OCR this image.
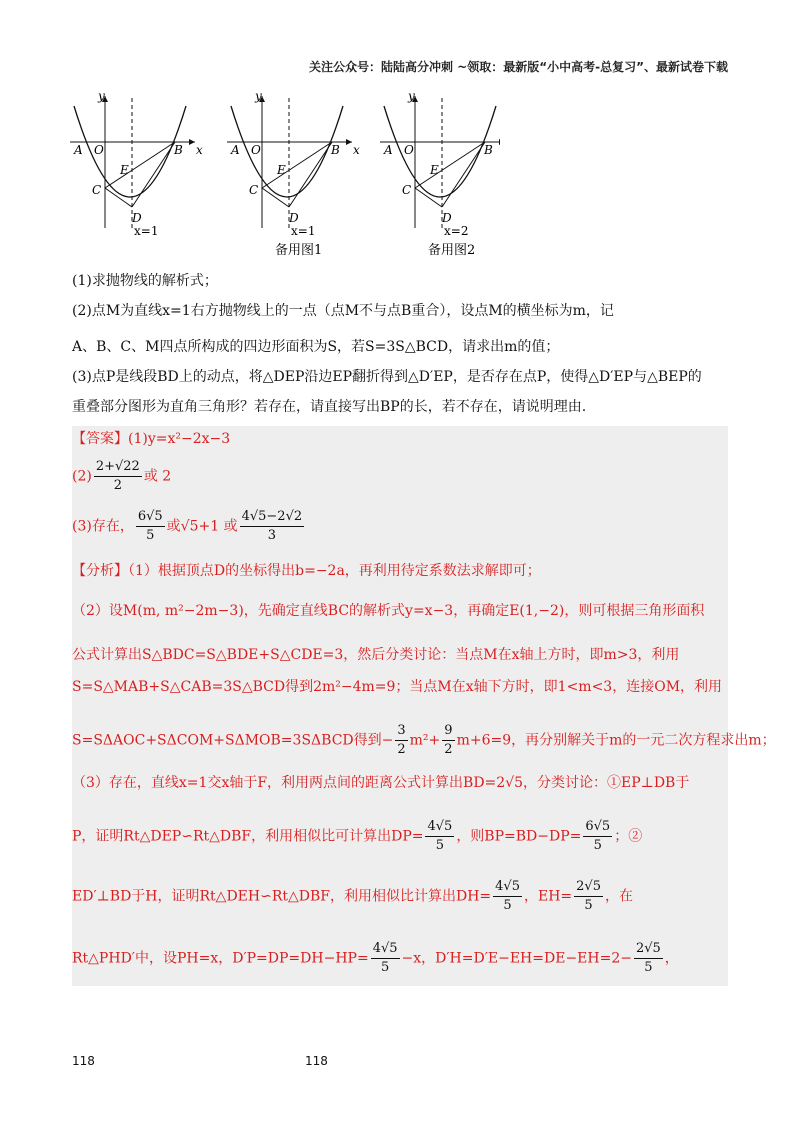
关注公众号：陆陆高分冲刺 ~领取：最新版“小中高考-总复习”、最新试卷下载
y
x
A O	B
C
E
D
x=1
y
x
A O	B
C
E
D
x=1
备用图1
y
A O	B
C
E
D
x=2
备用图2
(1)求抛物线的解析式；
(2)点M为直线x=1右方抛物线上的一点（点M不与点B重合），设点M的横坐标为m，记
A、B、C、M四点所构成的四边形面积为S，若S=3S△BCD，请求出m的值；
(3)点P是线段BD上的动点，将△DEP沿边EP翻折得到△D′EP，是否存在点P，使得△D′EP与△BEP的
重叠部分图形为直角三角形？若存在，请直接写出BP的长，若不存在，请说明理由.
【答案】(1)y=x²−2x−3
$(2) \frac{2+√22}{2}$ 或 2
(3)存在， $\frac{6√5}{5}$ 或√5+1 或 $\frac{4√5-2√2}{3}$
【分析】（1）根据顶点D的坐标得出b=−2a，再利用待定系数法求解即可；
（2）设M(m, m²−2m−3)，先确定直线BC的解析式y=x−3，再确定E(1,−2)，则可根据三角形面积
公式计算出S△BDC=S△BDE+S△CDE=3，然后分类讨论：当点M在x轴上方时，即m>3，利用
S=S△MAB+S△CAB=3S△BCD得到2m²−4m=9；当点M在x轴下方时，即1<m<3，连接OM，利用
S=SΔAOC+SΔCOM+SΔMOB=3SΔBCD得到− $\frac{3}{2} m^2+ \frac{9}{2} m+6=9$，再分别解关于m的一元二次方程求出m；
（3）存在，直线x=1交x轴于F，利用两点间的距离公式计算出BD=2√5，分类讨论：①EP⊥DB于
P，证明Rt△DEP∽Rt△DBF，利用相似比可计算出$DP= \frac{4√5}{5}$ ，则$BP=BD-DP= \frac{6√5}{5}$ ；②
ED′⊥BD于H，证明Rt△DEH∽Rt△DBF，利用相似比计算出$DH= \frac{4√5}{5}$ ，$EH= \frac{2√5}{5}$ ，在
Rt△PHD′中，设PH=x，$D'P=DP=DH-HP= \frac{4√5}{5} -x$，$D'H=D'E-EH=DE-EH=2- \frac{2√5}{5}$ ，
118	118
